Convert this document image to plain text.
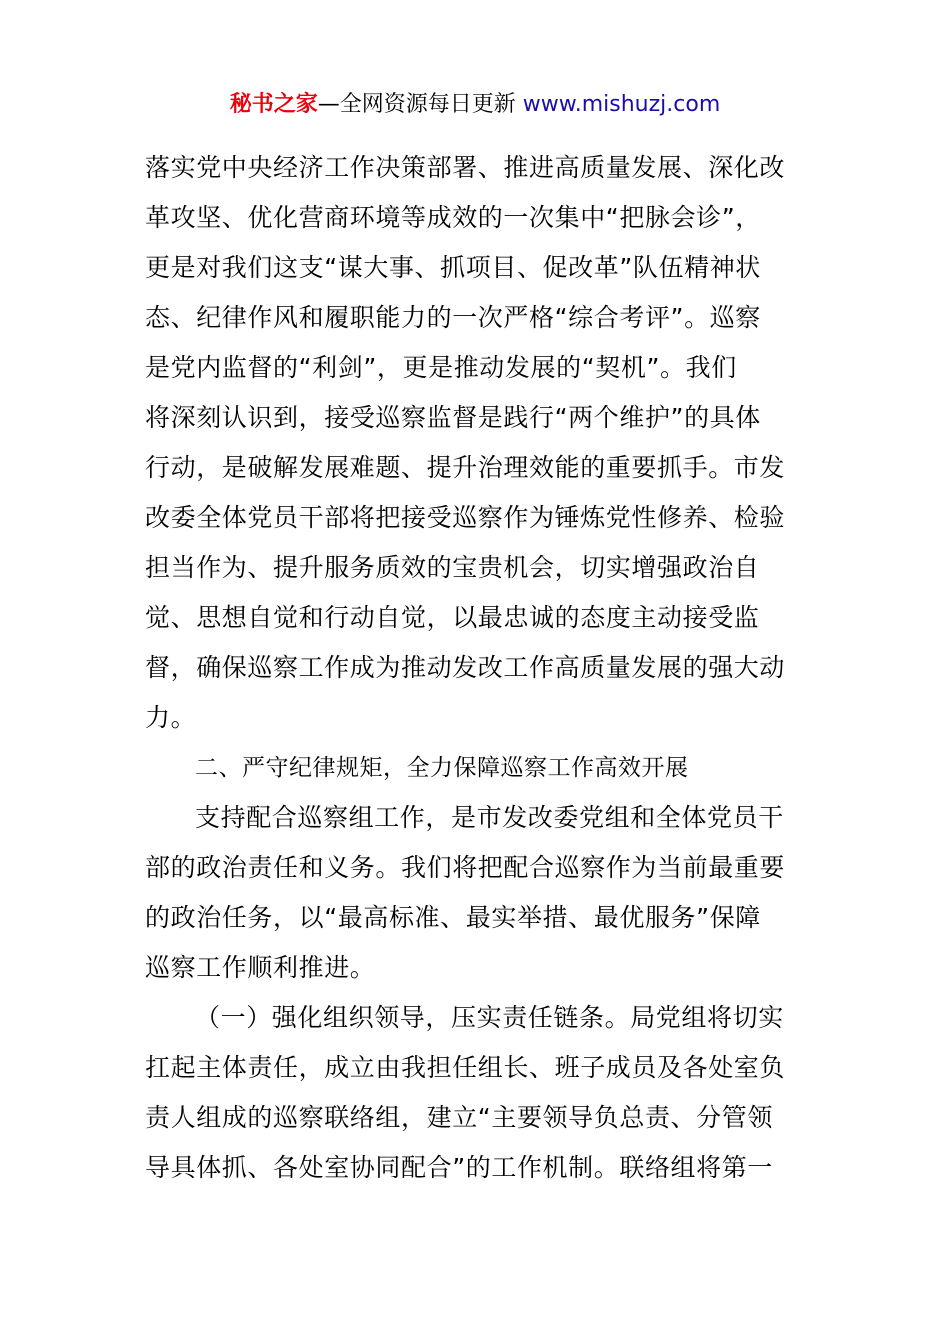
秘书之家—全网资源每日更新 www.mishuzj.com
落实党中央经济工作决策部署、推进高质量发展、深化改
革攻坚、优化营商环境等成效的一次集中“把脉会诊”，
更是对我们这支“谋大事、抓项目、促改革”队伍精神状
态、纪律作风和履职能力的一次严格“综合考评”。巡察
是党内监督的“利剑”，更是推动发展的“契机”。我们
将深刻认识到，接受巡察监督是践行“两个维护”的具体
行动，是破解发展难题、提升治理效能的重要抓手。市发
改委全体党员干部将把接受巡察作为锤炼党性修养、检验
担当作为、提升服务质效的宝贵机会，切实增强政治自
觉、思想自觉和行动自觉，以最忠诚的态度主动接受监
督，确保巡察工作成为推动发改工作高质量发展的强大动
力。
二、严守纪律规矩，全力保障巡察工作高效开展
支持配合巡察组工作，是市发改委党组和全体党员干
部的政治责任和义务。我们将把配合巡察作为当前最重要
的政治任务，以“最高标准、最实举措、最优服务”保障
巡察工作顺利推进。
（一）强化组织领导，压实责任链条。局党组将切实
扛起主体责任，成立由我担任组长、班子成员及各处室负
责人组成的巡察联络组，建立“主要领导负总责、分管领
导具体抓、各处室协同配合”的工作机制。联络组将第一
